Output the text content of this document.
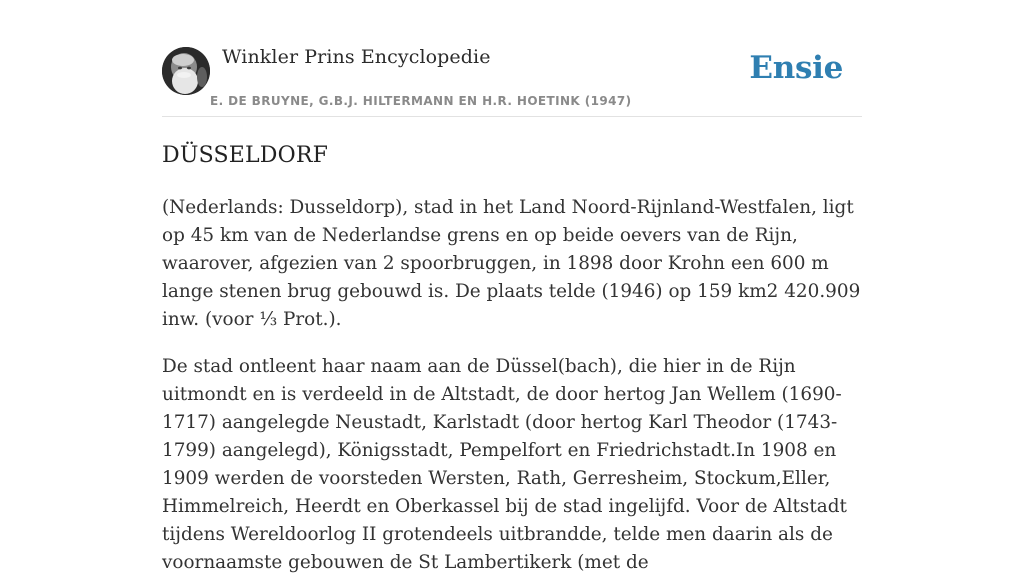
Winkler Prins Encyclopedie	Ensie
E. DE BRUYNE, G.B.J. HILTERMANN EN H.R. HOETINK (1947)
DÜSSELDORF

(Nederlands: Dusseldorp), stad in het Land Noord-Rijnland-Westfalen, ligt op 45 km van de Nederlandse grens en op beide oevers van de Rijn, waarover, afgezien van 2 spoorbruggen, in 1898 door Krohn een 600 m lange stenen brug gebouwd is. De plaats telde (1946) op 159 km2 420.909 inw. (voor ⅓ Prot.).

De stad ontleent haar naam aan de Düssel(bach), die hier in de Rijn uitmondt en is verdeeld in de Altstadt, de door hertog Jan Wellem (1690-1717) aangelegde Neustadt, Karlstadt (door hertog Karl Theodor (1743-1799) aangelegd), Königsstadt, Pempelfort en Friedrichstadt.In 1908 en 1909 werden de voorsteden Wersten, Rath, Gerresheim, Stockum,Eller, Himmelreich, Heerdt en Oberkassel bij de stad ingelijfd. Voor de Altstadt tijdens Wereldoorlog II grotendeels uitbrandde, telde men daarin als de voornaamste gebouwen de St Lambertikerk (met de
